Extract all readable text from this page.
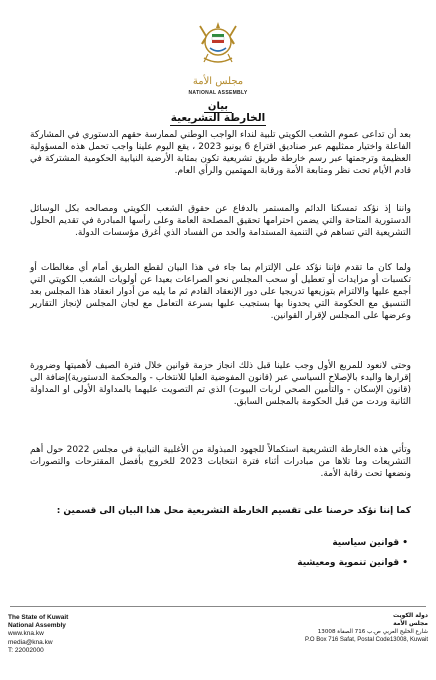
مجلس الأمة
NATIONAL ASSEMBLY
بيان
الخارطة التشريعية
بعد أن تداعى عموم الشعب الكويتي تلبية لنداء الواجب الوطني لممارسة حقهم الدستوري في المشاركة الفاعلة واختيار ممثليهم عبر صناديق اقتراع 6 يونيو 2023 ، يقع اليوم علينا واجب تحمل هذه المسؤولية العظيمة وترجمتها عبر رسم خارطة طريق تشريعية تكون بمثابة الأرضية النيابية الحكومية المشتركة في قادم الأيام تحت نظر ومتابعة الأمة ورقابة المهتمين والرأي العام.
واننا إذ نؤكد تمسكنا الدائم والمستمر بالدفاع عن حقوق الشعب الكويتي ومصالحه بكل الوسائل الدستورية المتاحة والتي يضمن احترامها تحقيق المصلحة العامة وعلى رأسها المبادرة في تقديم الحلول التشريعية التي تساهم في التنمية المستدامة والحد من الفساد الذي أغرق مؤسسات الدولة.
ولما كان ما تقدم فإننا نؤكد على الإلتزام بما جاء في هذا البيان لقطع الطريق أمام أي مغالطات أو تكسبات أو مزايدات أو تعطيل أو سحب المجلس نحو الصراعات بعيدا عن أولويات الشعب الكويتي التي أجمع عليها والالتزام بتوزيعها تدريجيا على دور الإنعقاد القادم ثم ما يليه من أدوار انعقاد هذا المجلس بعد التنسيق مع الحكومة التي يحدونا بها بستجيب عليها بسرعة التعامل مع لجان المجلس لإنجاز التقارير وعرضها على المجلس لإقرار القوانين.
وحتى لانعود للمربع الأول وجب علينا قبل ذلك انجاز حزمة قوانين خلال فترة الصيف لأهميتها وضرورة إقرارها والبدء بالإصلاح السياسي عبر (قانون المفوضية العليا للانتخاب - والمحكمة الدستورية)إضافة الى (قانون الإسكان - والتأمين الصحي لربات البيوت) الذي تم التصويت عليهما بالمداولة الأولى او المداولة الثانية وردت من قبل الحكومة بالمجلس السابق.
وتأتي هذه الخارطة التشريعية استكمالاً للجهود المبذولة من الأغلبية النيابية في مجلس 2022 حول أهم التشريعات وما تلاها من مبادرات أثناء فترة انتخابات 2023 للخروج بأفضل المقترحات والتصورات ونضعها تحت رقابة الأمة.
كما إننا نؤكد حرصنا على تقسيم الخارطة التشريعية محل هذا البيان الى قسمين :
• قوانين سياسية
• قوانين تنموية ومعيشية
The State of Kuwait
National Assembly
www.kna.kw
media@kna.kw
T: 22002000
دولة الكويت
مجلس الأمة
شارع الخليج العربي ص.ب 716 الصفاة 13008
P.O Box 716 Safat, Postal Code13008, Kuwait
